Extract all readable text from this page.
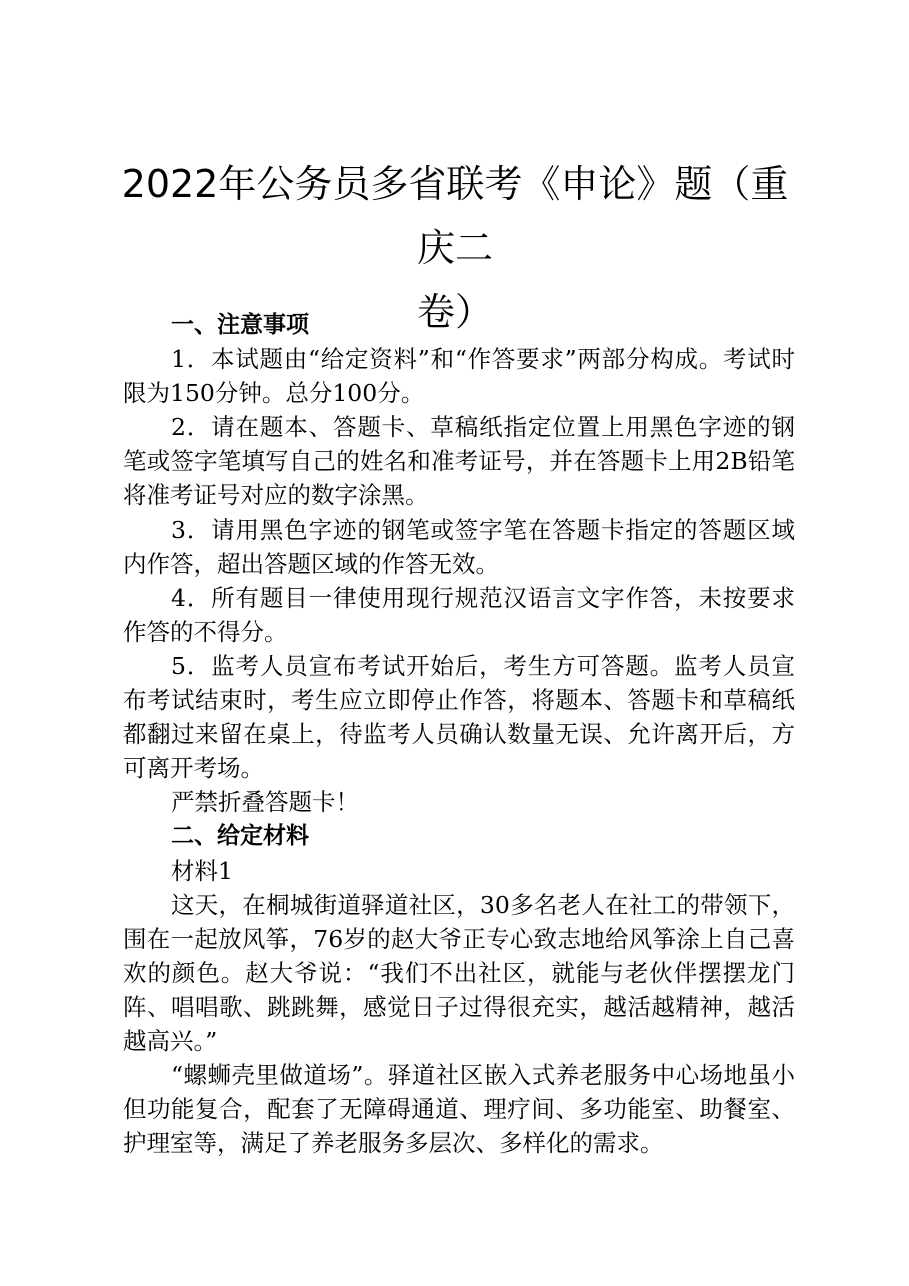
2022年公务员多省联考《申论》题（重庆二
卷）

一、注意事项

1．本试题由“给定资料”和“作答要求”两部分构成。考试时限为150分钟。总分100分。

2．请在题本、答题卡、草稿纸指定位置上用黑色字迹的钢笔或签字笔填写自己的姓名和准考证号，并在答题卡上用2B铅笔将准考证号对应的数字涂黑。

3．请用黑色字迹的钢笔或签字笔在答题卡指定的答题区域内作答，超出答题区域的作答无效。

4．所有题目一律使用现行规范汉语言文字作答，未按要求作答的不得分。

5．监考人员宣布考试开始后，考生方可答题。监考人员宣布考试结束时，考生应立即停止作答，将题本、答题卡和草稿纸都翻过来留在桌上，待监考人员确认数量无误、允许离开后，方可离开考场。

严禁折叠答题卡！

二、给定材料

材料1

这天，在桐城街道驿道社区，30多名老人在社工的带领下，围在一起放风筝，76岁的赵大爷正专心致志地给风筝涂上自己喜欢的颜色。赵大爷说：“我们不出社区，就能与老伙伴摆摆龙门阵、唱唱歌、跳跳舞，感觉日子过得很充实，越活越精神，越活越高兴。”

“螺蛳壳里做道场”。驿道社区嵌入式养老服务中心场地虽小但功能复合，配套了无障碍通道、理疗间、多功能室、助餐室、护理室等，满足了养老服务多层次、多样化的需求。
